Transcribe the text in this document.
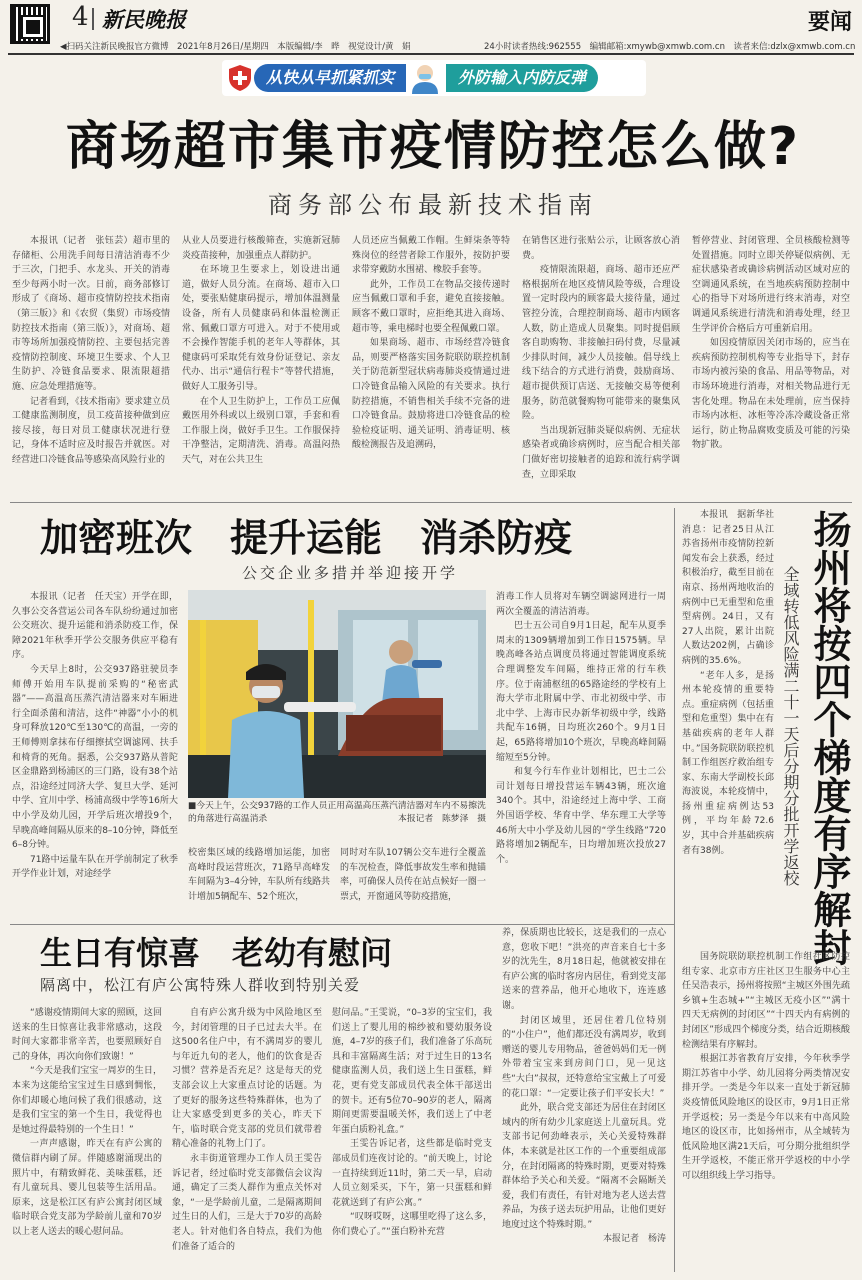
4 新民晚报	要闻
◀扫码关注新民晚报官方微博　2021年8月26日/星期四　本版编辑/李　晔　视觉设计/黄　娟	24小时读者热线:962555　编辑邮箱:xmywb@xmwb.com.cn　读者来信:dzlx@xmwb.com.cn
从快从早抓紧抓实	外防输入内防反弹
商场超市集市疫情防控怎么做?
商务部公布最新技术指南

本报讯（记者　张钰芸）超市里的存储柜、公用洗手间每日清洁消毒不少于三次，门把手、水龙头、开关的消毒至少每两小时一次。日前，商务部修订形成了《商场、超市疫情防控技术指南（第三版）》和《农贸（集贸）市场疫情防控技术指南（第三版）》，对商场、超市等场所加强疫情防控、主要包括完善疫情防控制度、环境卫生要求、个人卫生防护、冷链食品要求、限流限超措施、应急处理措施等。

记者看到，《技术指南》要求建立员工健康监测制度，员工疫苗接种做到应接尽接，每日对员工健康状况进行登记，身体不适时应及时报告并就医。对经营进口冷链食品等感染高风险行业的

从业人员要进行核酸筛查，实施新冠肺炎疫苗接种，加强重点人群防护。

在环境卫生要求上，划设进出通道，做好人员分流。在商场、超市入口处，要张贴健康码提示，增加体温测量设备，所有人员健康码和体温检测正常、佩戴口罩方可进入。对于不使用或不会操作智能手机的老年人等群体，其健康码可采取凭有效身份证登记、亲友代办、出示“通信行程卡”等替代措施，做好人工服务引导。

在个人卫生防护上，工作员工应佩戴医用外科或以上级别口罩，手套和看工作服上岗，做好手卫生。工作服保持干净整洁，定期清洗、消毒。高温闷热天气，对在公共卫生

人员还应当佩戴工作帽。生鲜柒条等特殊岗位的经营者除工作服外，按防护要求带穿戴防水围裙、橡胶手套等。

此外，工作员工在物品交接传递时应当佩戴口罩和手套，避免直接接触。顾客不戴口罩时，应拒绝其进入商场、超市等，乘电梯时也要全程佩戴口罩。

如果商场、超市、市场经营冷链食品，则要严格落实国务院联防联控机制关于防范新型冠状病毒肺炎疫情通过进口冷链食品输入风险的有关要求。执行防控措施，不销售相关手续不完备的进口冷链食品。鼓励将进口冷链食品的检验检疫证明、通关证明、消毒证明、核酸检测报告及追溯码，

在销售区进行张贴公示，让顾客放心消费。

疫情限流限超，商场、超市还应严格根据所在地区疫情风险等级，合理设置一定时段内的顾客最大接待量，通过管控分流，合理控制商场、超市内顾客人数，防止造成人员聚集。同时提倡顾客自助购物、非接触扫码付费，尽量减少排队时间，减少人员接触。倡导线上线下结合的方式进行消费，鼓励商场、超市提供预订店送、无接触交易等便利服务，防范就餐购物可能带来的聚集风险。

当出现新冠肺炎疑似病例、无症状感染者或确诊病例时，应当配合相关部门做好密切接触者的追踪和流行病学调查，立即采取

暂停营业、封闭管理、全员核酸检测等处置措施。同时立即关停疑似病例、无症状感染者或确诊病例活动区域对应的空调通风系统，在当地疾病预防控制中心的指导下对场所进行终末消毒，对空调通风系统进行清洗和消毒处理，经卫生学评价合格后方可重新启用。

如因疫情原因关闭市场的，应当在疾病预防控制机构等专业指导下，封存市场内被污染的食品、用品等物品，对市场环境进行消毒，对相关物品进行无害化处理。物品在未处理前，应当保持市场内冰柜、冰柜等冷冻冷藏设备正常运行，防止物品腐败变质及可能的污染物扩散。

加密班次　提升运能　消杀防疫
公交企业多措并举迎接开学

本报讯（记者　任天宝）开学在即，久事公交各营运公司各车队纷纷通过加密公交班次、提升运能和消杀防疫工作，保障2021年秋季开学公交服务供应平稳有序。

今天早上8时，公交937路驻驶员李师傅开始用车队提前采购的“秘密武器”——高温高压蒸汽清洁器来对车厢进行全面杀菌和清洁，这件“神器”小小的机身可释放120℃至130℃的高温，一旁的王师傅则拿抹布仔细擦拭空调滤网、扶手和椅背的死角。据悉，公交937路从普陀区金鼎路到杨浦区的三门路，设有38个站点，沿途经过同济大学、复旦大学、延河中学、宜川中学、杨浦高级中学等16所大中小学及幼儿园，开学后班次增投9个，早晚高峰间隔从原来的8–10分钟，降低至6–8分钟。

71路中运量车队在开学前制定了秋季开学作业计划，对途经学

■今天上午，公交937路的工作人员正用高温高压蒸汽清洁器对车内不易擦洗的角落进行高温消杀	本报记者　陈梦泽　摄

校密集区域的线路增加运能，加密高峰时段运营班次，71路早高峰发车间隔为3–4分钟，车队所有线路共计增加5辆配车、52个班次，

同时对车队107辆公交车进行全覆盖的车况检查，降低事故发生率和抛锚率，可确保人员传在站点候好一圈一票式，开窗通风等防疫措施，

消毒工作人员将对车辆空调滤网进行一周两次全覆盖的清洁消毒。

巴士五公司自9月1日起，配车从夏季周末的1309辆增加到工作日1575辆。早晚高峰各站点调度员将通过智能调度系统合理调整发车间隔，维持正常的行车秩序。位于南浦枢纽的65路途经的学校有上海大学市北附属中学、市北初级中学、市北中学、上海市民办新华初级中学，线路共配车16辆，日均班次260个。9月1日起，65路将增加10个班次，早晚高峰间隔缩短至5分钟。

和复今行车作业计划相比，巴士二公司计划每日增投营运车辆43辆，班次逾340个。其中，沿途经过上海中学、工商外国语学校、华育中学、华东理工大学等46所大中小学及幼儿园的“学生线路”720路将增加2辆配车，日均增加班次投放27个。

本报讯　据新华社消息：记者25日从江苏省扬州市疫情防控新闻发布会上获悉，经过积极治疗，截至目前在南京、扬州两地收治的病例中已无重型和危重型病例。24日，又有27人出院，累计出院人数达202例，占确诊病例的35.6%。

“老年人多，是扬州本轮疫情的重要特点。重症病例（包括重型和危重型）集中在有基础疾病的老年人群中。”国务院联防联控机制工作组医疗救治组专家、东南大学副校长邱海波说，本轮疫情中，扬州重症病例达53例，平均年龄72.6岁，其中合并基础疾病者有38例。	扬州将按四个梯度有序解封
全域转低风险满二十一天后分期分批开学返校

国务院联防联控机制工作组社区防控组专家、北京市方庄社区卫生服务中心主任吴浩表示，扬州将按照“主城区外围先疏乡镇+生态城+”“主城区无疫小区”“满十四天无病例的封闭区”“十四天内有病例的封闭区”形成四个梯度分类，结合近期核酸检测结果有序解封。

根据江苏省教育厅安排，今年秋季学期江苏省中小学、幼儿园将分两类情况安排开学。一类是今年以来一直处于新冠肺炎疫情低风险地区的设区市，9月1日正常开学返校；另一类是今年以来有中高风险地区的设区市，比如扬州市，从全域转为低风险地区满21天后，可分期分批组织学生开学返校，不能正常开学返校的中小学可以组织线上学习指导。

生日有惊喜　老幼有慰问
隔离中，松江有庐公寓特殊人群收到特别关爱

“感谢疫情期间大家的照顾，这回送来的生日惊喜让我非常感动，这段时间大家都非常辛苦，也要照顾好自己的身体，再次向你们致谢！”

“今天是我们宝宝一周岁的生日，本来为这能给宝宝过生日感到惆怅，你们却暖心地问候了我们很感动，这是我们宝宝的第一个生日，我觉得也是她过得最特别的一个生日！”

一声声感谢，昨天在有庐公寓的微信群内刷了屏。伴随感谢涌现出的照片中，有精致鲜花、美味蛋糕，还有儿童玩具、婴儿包装等生活用品。原来，这是松江区有庐公寓封闭区域临时联合党支部为学龄前儿童和70岁以上老人送去的暖心慰问品。

自有庐公寓升级为中风险地区至今，封闭管理的日子已过去大半。在这500名住户中，有不满周岁的婴儿与年近九旬的老人，他们的饮食是否习惯？营养是否充足？这是每天的党支部会议上大家重点讨论的话题。为了更好的服务这些特殊群体，也为了让大家感受到更多的关心，昨天下午，临时联合党支部的党员们就带着精心准备的礼物上门了。

永丰街道管理办工作人员王雯告诉记者，经过临时党支部微信会议沟通，确定了三类人群作为重点关怀对象，“一是学龄前儿童，二是隔离期间过生日的人们，三是大于70岁的高龄老人。针对他们各自特点，我们为他们准备了适合的

慰问品。”王雯说，“0–3岁的宝宝们，我们送上了婴儿用的棉纱被和婴幼服务设施，4–7岁的孩子们，我们准备了乐高玩具和丰富隔离生活；对于过生日的13名健康监测人员，我们送上生日蛋糕，鲜花，更有党支部成员代表全体干部送出的贺卡。还有5位70–90岁的老人，隔离期间更需要温暖关怀，我们送上了中老年蛋白质粉礼盒。”

王雯告诉记者，这些都是临时党支部成员们连夜讨论的。“前天晚上，讨论一直持续到近11时，第二天一早，启动人员立刻采买，下午，第一只蛋糕和鲜花就送到了有庐公寓。”

“叹呀哎呀，这哪里吃得了这么多，你们费心了。”“蛋白粉补充营

养，保质期也比较长，这是我们的一点心意，您收下吧！”洪亮的声音来自七十多岁的沈先生，8月18日起，他就被安排在有庐公寓的临时客房内居住，看到党支部送来的营养品，他开心地收下，连连感谢。

封闭区域里，还居住着几位特别的“小住户”，他们都还没有满周岁，收到赠送的婴儿专用物品，爸爸妈妈们无一例外带着宝宝来到房间门口，见一见这些“大白”叔叔，还特意给宝宝戴上了可爱的花口罩：“一定要让孩子们平安长大！”

此外，联合党支部还为居住在封闭区域内的所有幼少儿家庭送上儿童玩具。党支部书记何劲峰表示，关心关爱特殊群体，本来就是社区工作的一个重要组成部分，在封闭隔离的特殊时期，更要对特殊群体给予关心和关爱。“隔离不会隔断关爱，我们有责任，有针对地为老人送去营养品，为孩子送去玩护用品，让他们更好地度过这个特殊时期。”

本报记者　杨涛
